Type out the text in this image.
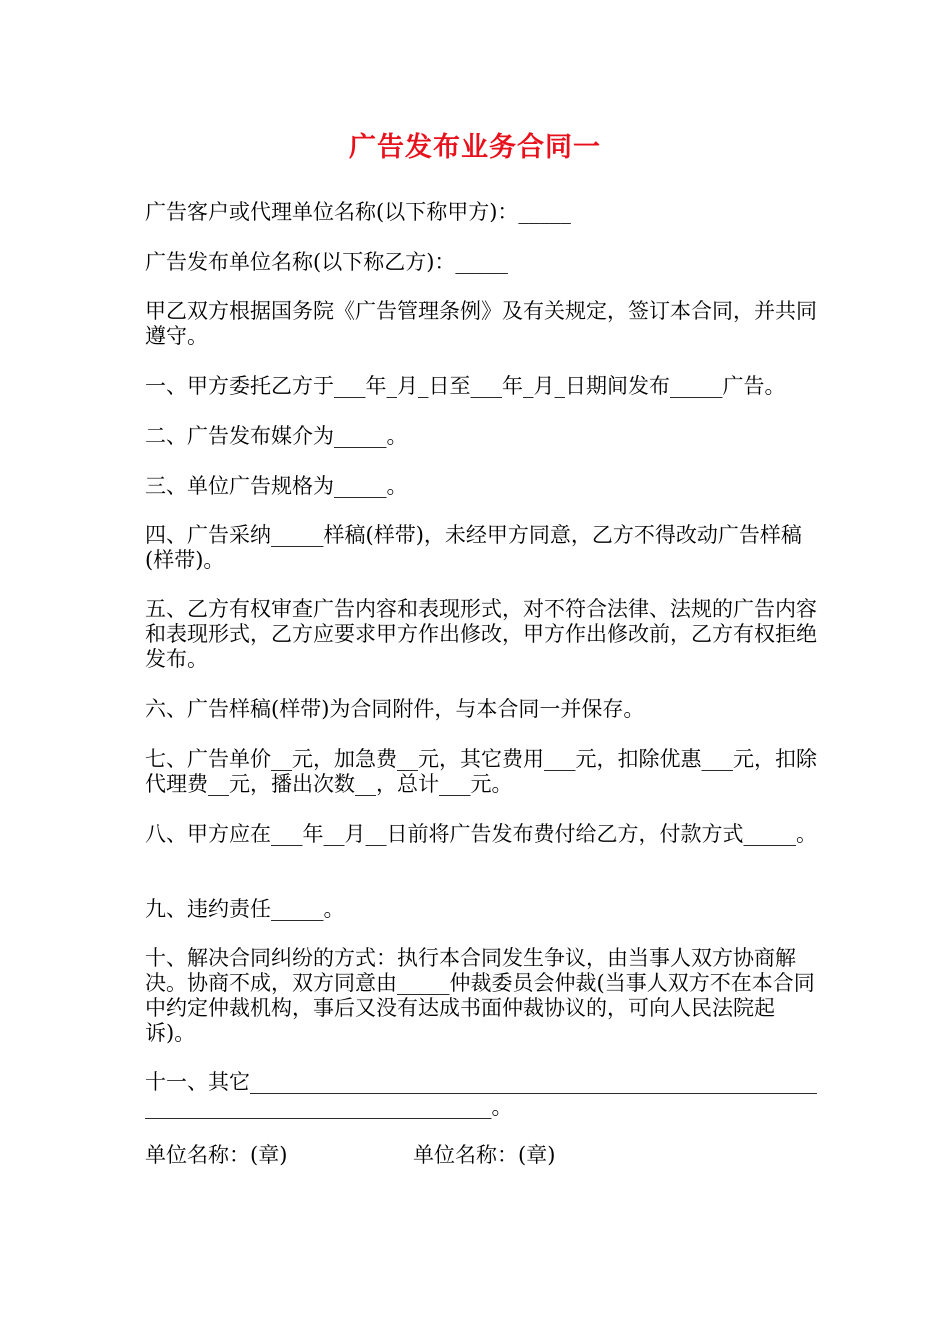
广告发布业务合同一
广告客户或代理单位名称(以下称甲方)：_____
广告发布单位名称(以下称乙方)：_____
甲乙双方根据国务院《广告管理条例》及有关规定，签订本合同，并共同遵守。
一、甲方委托乙方于___年_月_日至___年_月_日期间发布_____广告。
二、广告发布媒介为_____。
三、单位广告规格为_____。
四、广告采纳_____样稿(样带)，未经甲方同意，乙方不得改动广告样稿(样带)。
五、乙方有权审查广告内容和表现形式，对不符合法律、法规的广告内容和表现形式，乙方应要求甲方作出修改，甲方作出修改前，乙方有权拒绝发布。
六、广告样稿(样带)为合同附件，与本合同一并保存。
七、广告单价__元，加急费__元，其它费用___元，扣除优惠___元，扣除代理费__元，播出次数__，总计___元。
八、甲方应在___年__月__日前将广告发布费付给乙方，付款方式_____。
九、违约责任_____。
十、解决合同纠纷的方式：执行本合同发生争议，由当事人双方协商解决。协商不成，双方同意由_____仲裁委员会仲裁(当事人双方不在本合同中约定仲裁机构，事后又没有达成书面仲裁协议的，可向人民法院起诉)。
十一、其它_______________________________________________________________________________________。
单位名称：(章)	单位名称：(章)
